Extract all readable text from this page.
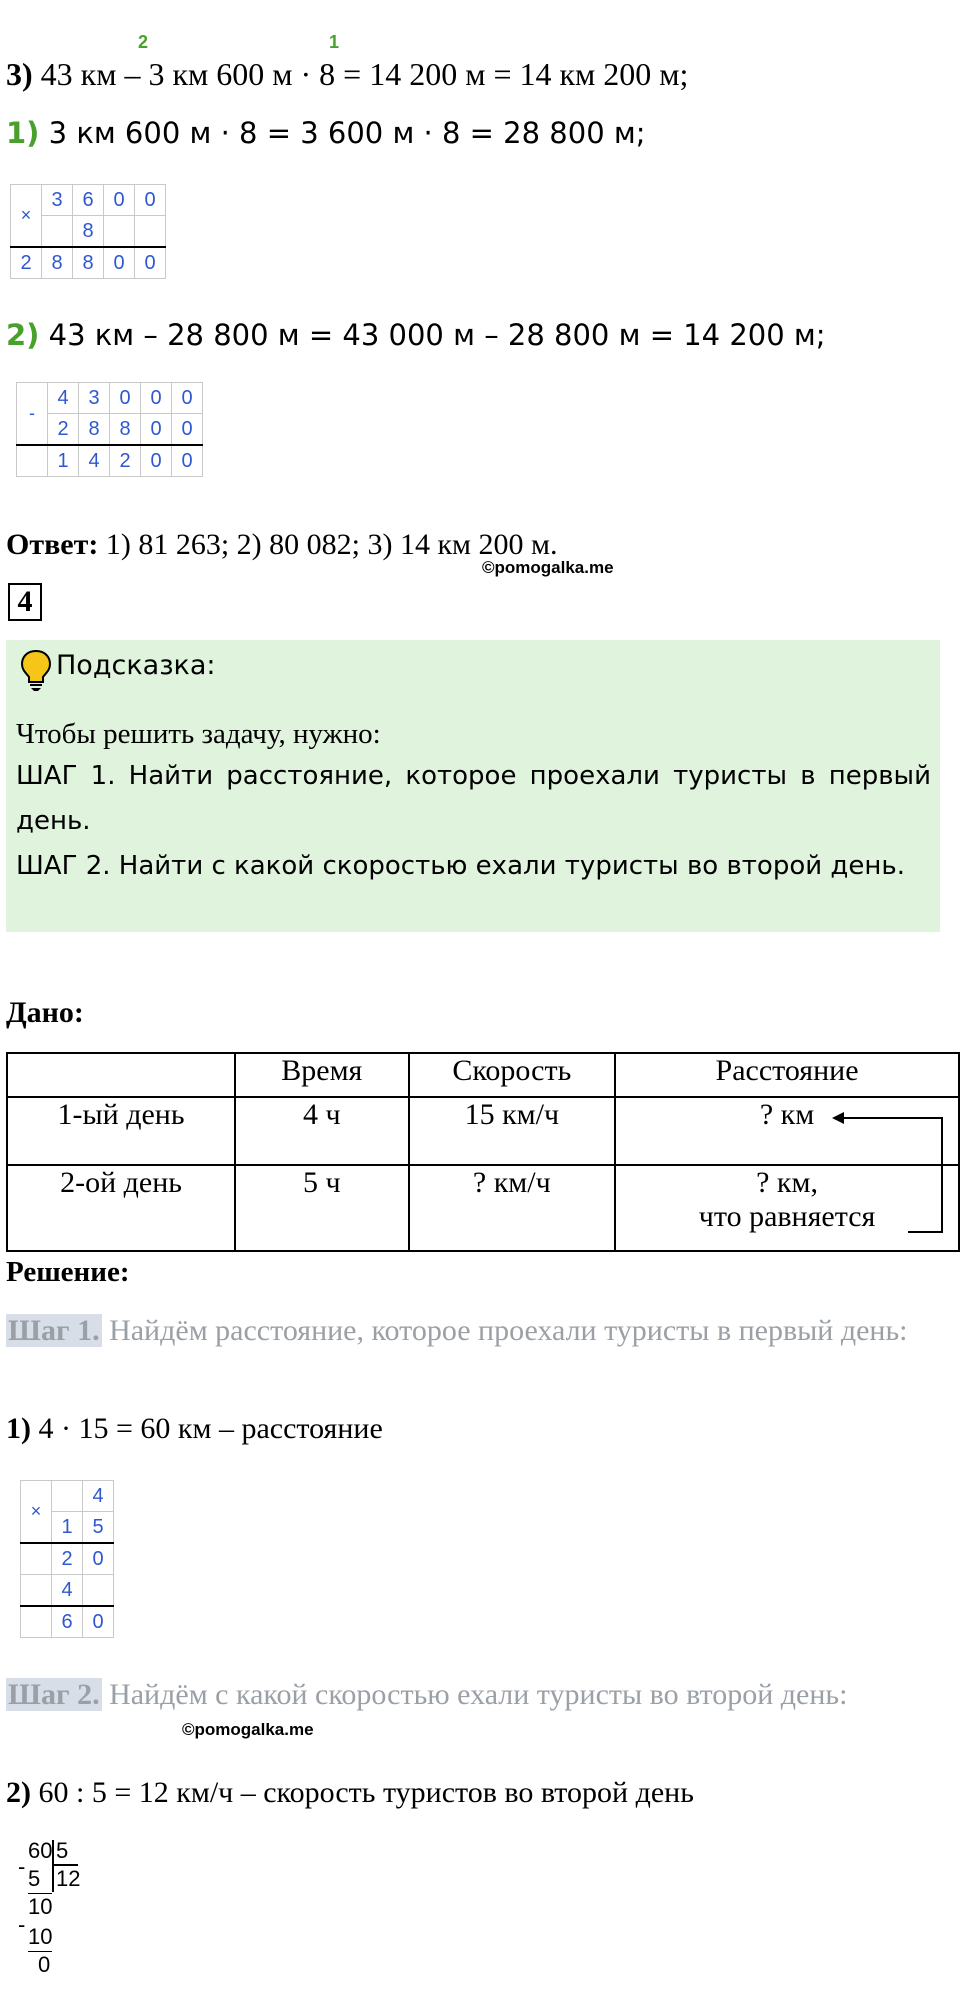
2	1
3) 43 км – 3 км 600 м · 8 = 14 200 м = 14 км 200 м;
1) 3 км 600 м · 8 = 3 600 м · 8 = 28 800 м;
×	3	6	0	0
		8		
2	8	8	0	0
2) 43 км – 28 800 м = 43 000 м – 28 800 м = 14 200 м;
-	4	3	0	0	0
	2	8	8	0	0
	1	4	2	0	0
Ответ: 1) 81 263; 2) 80 082; 3) 14 км 200 м.
©pomogalka.me
4
Подсказка:
Чтобы решить задачу, нужно:
ШАГ 1. Найти расстояние, которое проехали туристы в первый день.
ШАГ 2. Найти с какой скоростью ехали туристы во второй день.
Дано:
	Время	Скорость	Расстояние
1-ый день	4 ч	15 км/ч	? км
2-ой день	5 ч	? км/ч	? км,
что равняется
Решение:
Шаг 1. Найдём расстояние, которое проехали туристы в первый день:
1) 4 · 15 = 60 км – расстояние
×		4
	1	5
	2	0
	4	
	6	0
Шаг 2. Найдём с какой скоростью ехали туристы во второй день:
©pomogalka.me
2) 60 : 5 = 12 км/ч – скорость туристов во второй день
60 5
12
- 5
10
- 10
0
